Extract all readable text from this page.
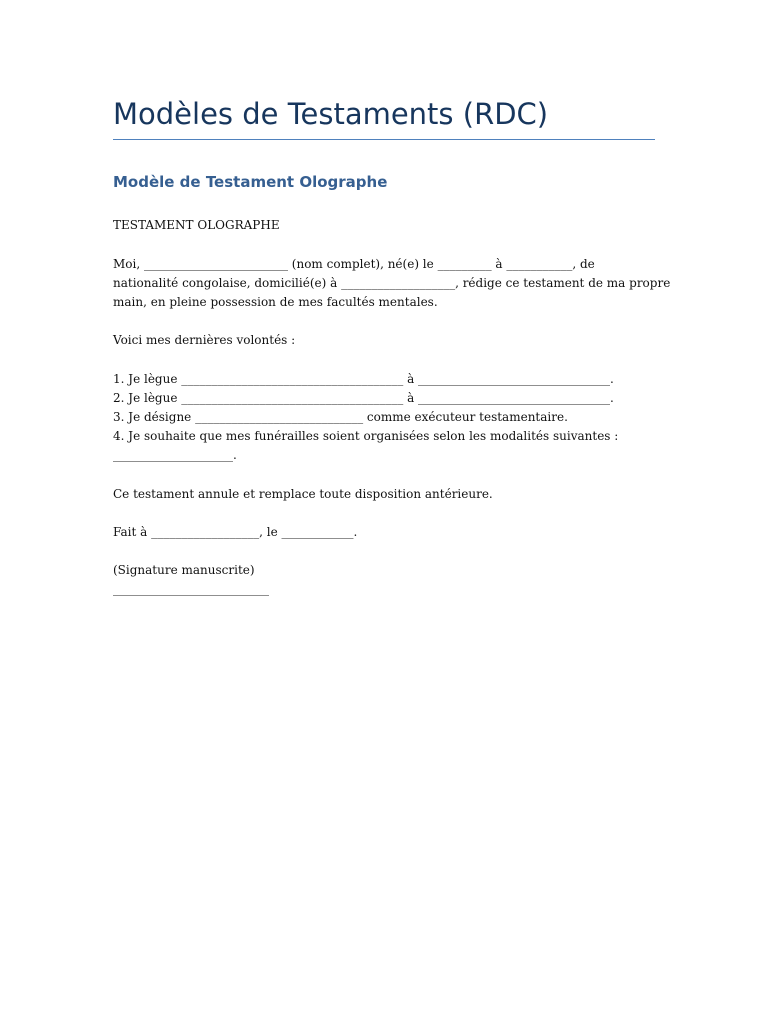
Modèles de Testaments (RDC)
Modèle de Testament Olographe

TESTAMENT OLOGRAPHE

Moi, ________________________ (nom complet), né(e) le _________ à ___________, de
nationalité congolaise, domicilié(e) à ___________________, rédige ce testament de ma propre
main, en pleine possession de mes facultés mentales.

Voici mes dernières volontés :

1. Je lègue _____________________________________ à ________________________________.
2. Je lègue _____________________________________ à ________________________________.
3. Je désigne ____________________________ comme exécuteur testamentaire.
4. Je souhaite que mes funérailles soient organisées selon les modalités suivantes :
____________________.

Ce testament annule et remplace toute disposition antérieure.

Fait à __________________, le ____________.

(Signature manuscrite)
__________________________
